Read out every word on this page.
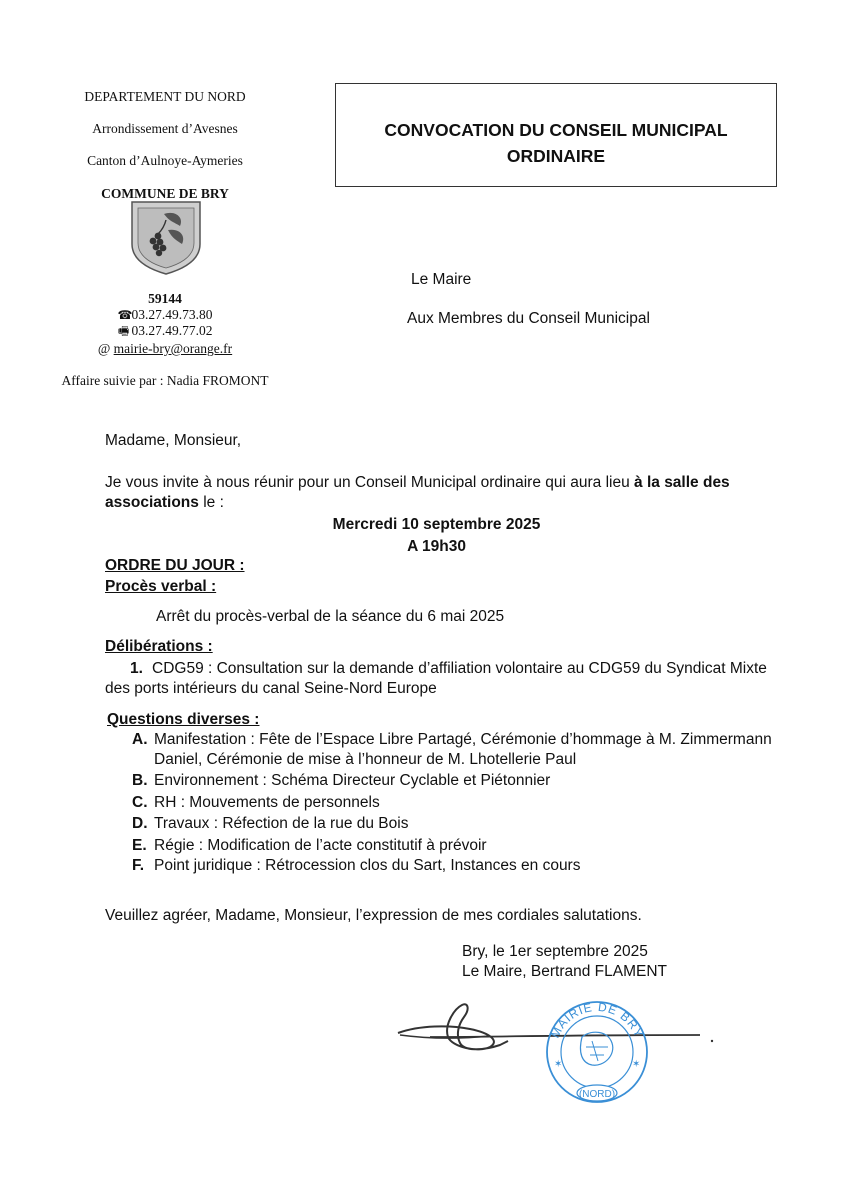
DEPARTEMENT DU NORD
Arrondissement d’Avesnes
Canton d’Aulnoye-Aymeries
COMMUNE DE BRY
59144
☎03.27.49.73.80
🖷 03.27.49.77.02
@ mairie-bry@orange.fr
Affaire suivie par : Nadia FROMONT
CONVOCATION DU CONSEIL MUNICIPAL
ORDINAIRE
Le Maire
Aux Membres du Conseil Municipal
Madame, Monsieur,
Je vous invite à nous réunir pour un Conseil Municipal ordinaire qui aura lieu à la salle des
associations le :
Mercredi 10 septembre 2025
A 19h30
ORDRE DU JOUR :
Procès verbal :
Arrêt du procès-verbal de la séance du 6 mai 2025
Délibérations :
1. CDG59 : Consultation sur la demande d’affiliation volontaire au CDG59 du Syndicat Mixte
des ports intérieurs du canal Seine-Nord Europe
Questions diverses :
A. Manifestation : Fête de l’Espace Libre Partagé, Cérémonie d’hommage à M. Zimmermann
Daniel, Cérémonie de mise à l’honneur de M. Lhotellerie Paul
B. Environnement : Schéma Directeur Cyclable et Piétonnier
C. RH : Mouvements de personnels
D. Travaux : Réfection de la rue du Bois
E. Régie : Modification de l’acte constitutif à prévoir
F. Point juridique : Rétrocession clos du Sart, Instances en cours
Veuillez agréer, Madame, Monsieur, l’expression de mes cordiales salutations.
Bry, le 1er septembre 2025
Le Maire, Bertrand FLAMENT
MAIRIE DE BRY
✶	✶
(NORD)
